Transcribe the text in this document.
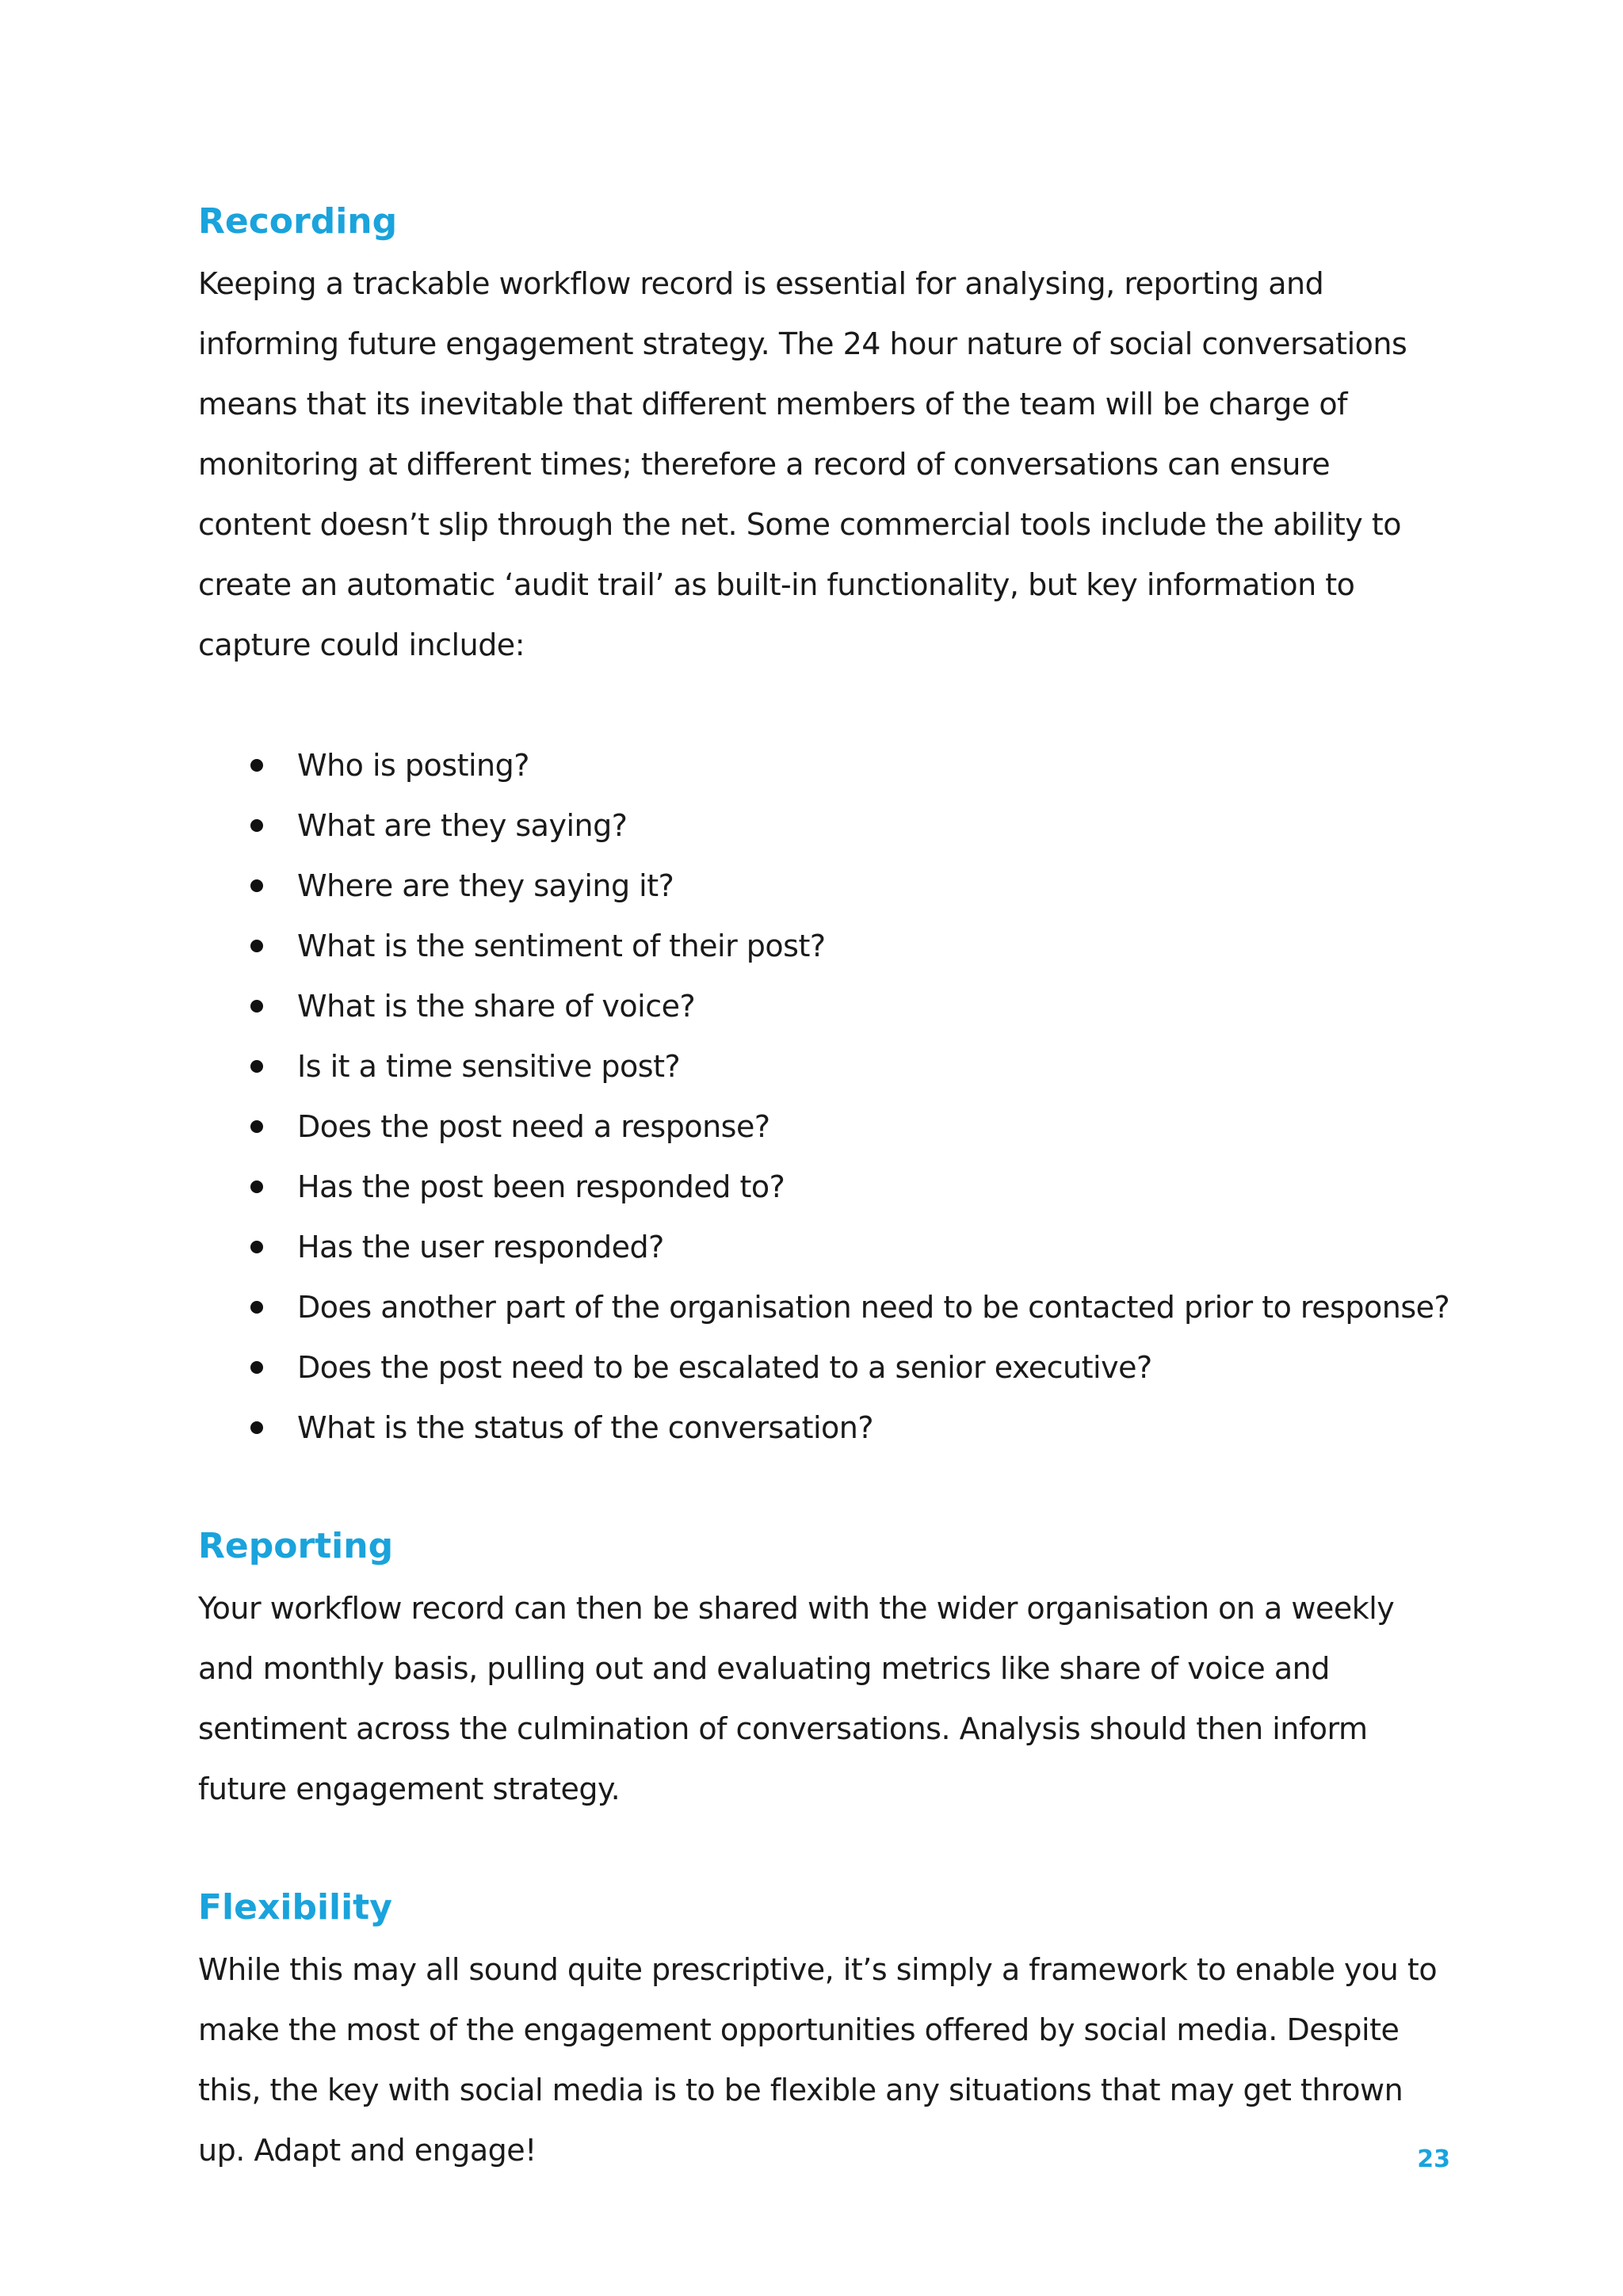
Recording

Keeping a trackable workflow record is essential for analysing, reporting and informing future engagement strategy. The 24 hour nature of social conversations means that its inevitable that different members of the team will be charge of monitoring at different times; therefore a record of conversations can ensure content doesn’t slip through the net. Some commercial tools include the ability to create an automatic ‘audit trail’ as built-in functionality, but key information to capture could include:

Who is posting?
What are they saying?
Where are they saying it?
What is the sentiment of their post?
What is the share of voice?
Is it a time sensitive post?
Does the post need a response?
Has the post been responded to?
Has the user responded?
Does another part of the organisation need to be contacted prior to response?
Does the post need to be escalated to a senior executive?
What is the status of the conversation?
Reporting

Your workflow record can then be shared with the wider organisation on a weekly and monthly basis, pulling out and evaluating metrics like share of voice and sentiment across the culmination of conversations. Analysis should then inform future engagement strategy.

Flexibility

While this may all sound quite prescriptive, it’s simply a framework to enable you to make the most of the engagement opportunities offered by social media. Despite this, the key with social media is to be flexible any situations that may get thrown up. Adapt and engage!	23
